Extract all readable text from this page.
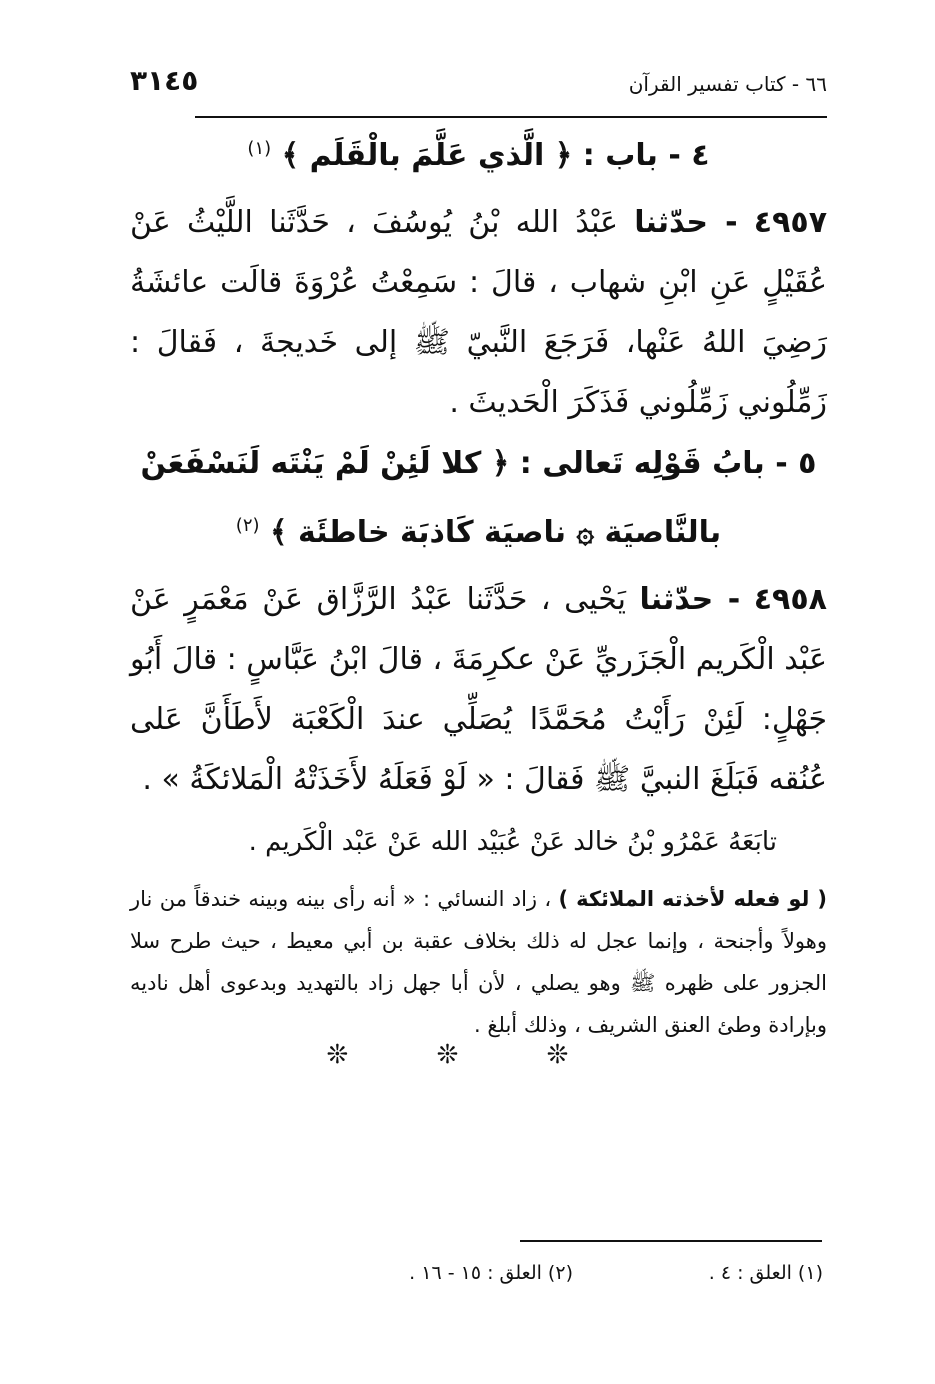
٣١٤٥	٦٦ - كتاب تفسير القرآن
٤ - باب : ﴿ الَّذي عَلَّمَ بالْقَلَم ﴾ $^{(١)}$

٤٩٥٧ - حدّثنا عَبْدُ الله بْنُ يُوسُفَ ، حَدَّثَنا اللَّيْثُ عَنْ عُقَيْلٍ عَنِ ابْنِ شهاب ، قالَ : سَمِعْتُ عُرْوَةَ قالَت عائشَةُ رَضِيَ اللهُ عَنْها، فَرَجَعَ النَّبيّ ﷺ إلى خَديجةَ ، فَقالَ : زَمِّلُوني زَمِّلُوني فَذَكَرَ الْحَديثَ .

٥ - بابُ قَوْلِه تَعالى : ﴿ كلا لَئِنْ لَمْ يَنْتَه لَنَسْفَعَنْ
بالنَّاصيَة ۞ ناصيَة كَاذبَة خاطئَة ﴾ $^{(٢)}$

٤٩٥٨ - حدّثنا يَحْيى ، حَدَّثَنا عَبْدُ الرَّزَّاق عَنْ مَعْمَرٍ عَنْ عَبْد الْكَريم الْجَزَريِّ عَنْ عكرِمَةَ ، قالَ ابْنُ عَبَّاسٍ : قالَ أَبُو جَهْلٍ: لَئِنْ رَأَيْتُ مُحَمَّدًا يُصَلِّي عندَ الْكَعْبَة لأَطَأَنَّ عَلى عُنُقه فَبَلَغَ النبيَّ ﷺ فَقالَ : « لَوْ فَعَلَهُ لأَخَذَتْهُ الْمَلائكَةُ » .

تابَعَهُ عَمْرُو بْنُ خالد عَنْ عُبَيْد الله عَنْ عَبْد الْكَريم .

( لو فعله لأخذته الملائكة ) ، زاد النسائي : « أنه رأى بينه وبينه خندقاً من نار وهولاً وأجنحة ، وإنما عجل له ذلك بخلاف عقبة بن أبي معيط ، حيث طرح سلا الجزور على ظهره ﷺ وهو يصلي ، لأن أبا جهل زاد بالتهديد وبدعوى أهل ناديه وبإرادة وطئ العنق الشريف ، وذلك أبلغ .

❊ ❊ ❊
(١) العلق : ٤ .
(٢) العلق : ١٥ - ١٦ .
